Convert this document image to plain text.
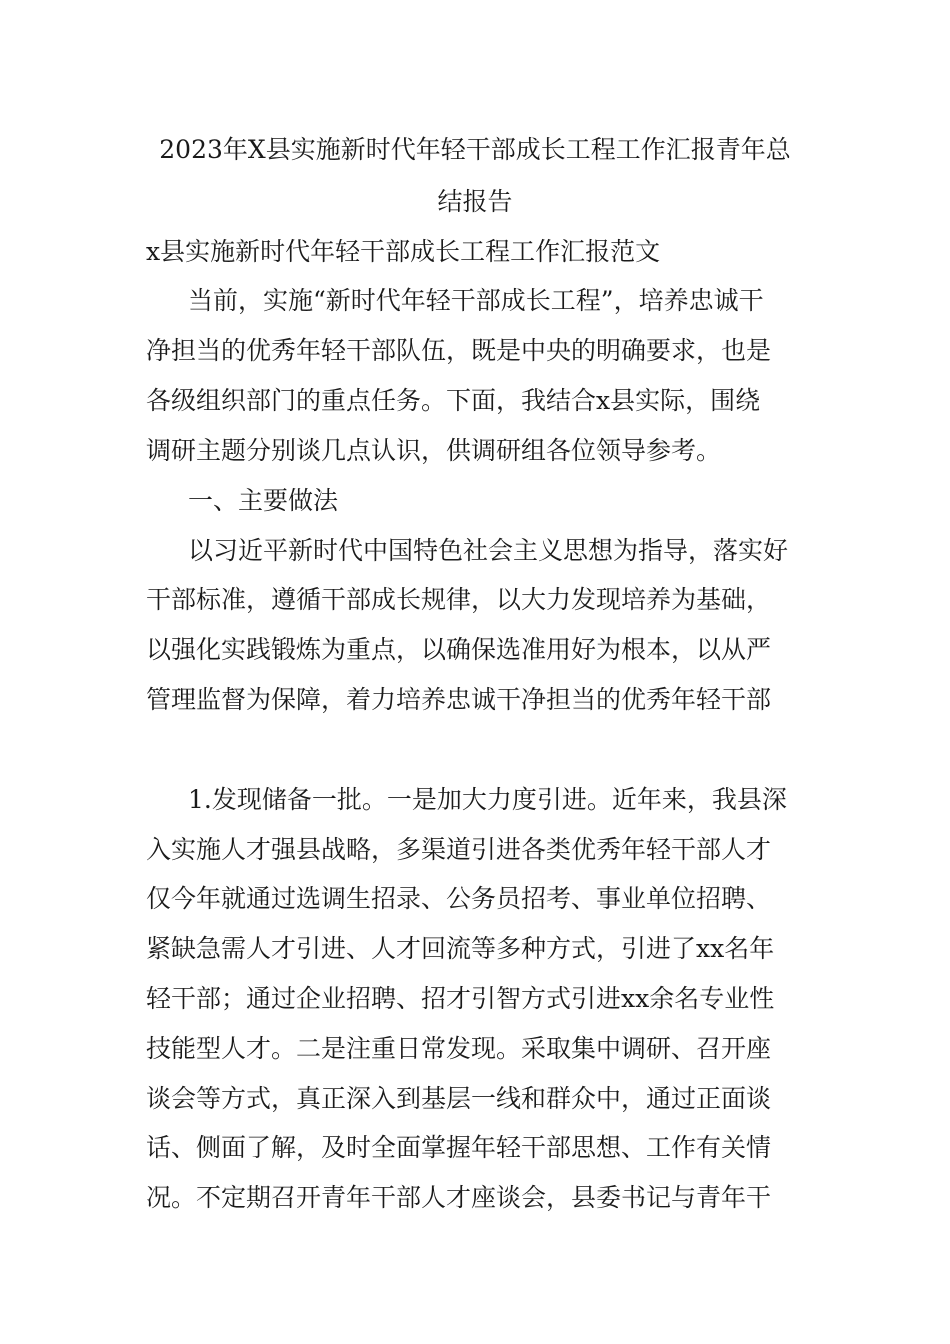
2023年X县实施新时代年轻干部成长工程工作汇报青年总
结报告
x县实施新时代年轻干部成长工程工作汇报范文
当前，实施“新时代年轻干部成长工程”，培养忠诚干
净担当的优秀年轻干部队伍，既是中央的明确要求，也是
各级组织部门的重点任务。下面，我结合x县实际，围绕
调研主题分别谈几点认识，供调研组各位领导参考。
一、主要做法
以习近平新时代中国特色社会主义思想为指导，落实好
干部标准，遵循干部成长规律，以大力发现培养为基础，
以强化实践锻炼为重点，以确保选准用好为根本，以从严
管理监督为保障，着力培养忠诚干净担当的优秀年轻干部
1.发现储备一批。一是加大力度引进。近年来，我县深
入实施人才强县战略，多渠道引进各类优秀年轻干部人才
仅今年就通过选调生招录、公务员招考、事业单位招聘、
紧缺急需人才引进、人才回流等多种方式，引进了xx名年
轻干部；通过企业招聘、招才引智方式引进xx余名专业性
技能型人才。二是注重日常发现。采取集中调研、召开座
谈会等方式，真正深入到基层一线和群众中，通过正面谈
话、侧面了解，及时全面掌握年轻干部思想、工作有关情
况。不定期召开青年干部人才座谈会，县委书记与青年干
